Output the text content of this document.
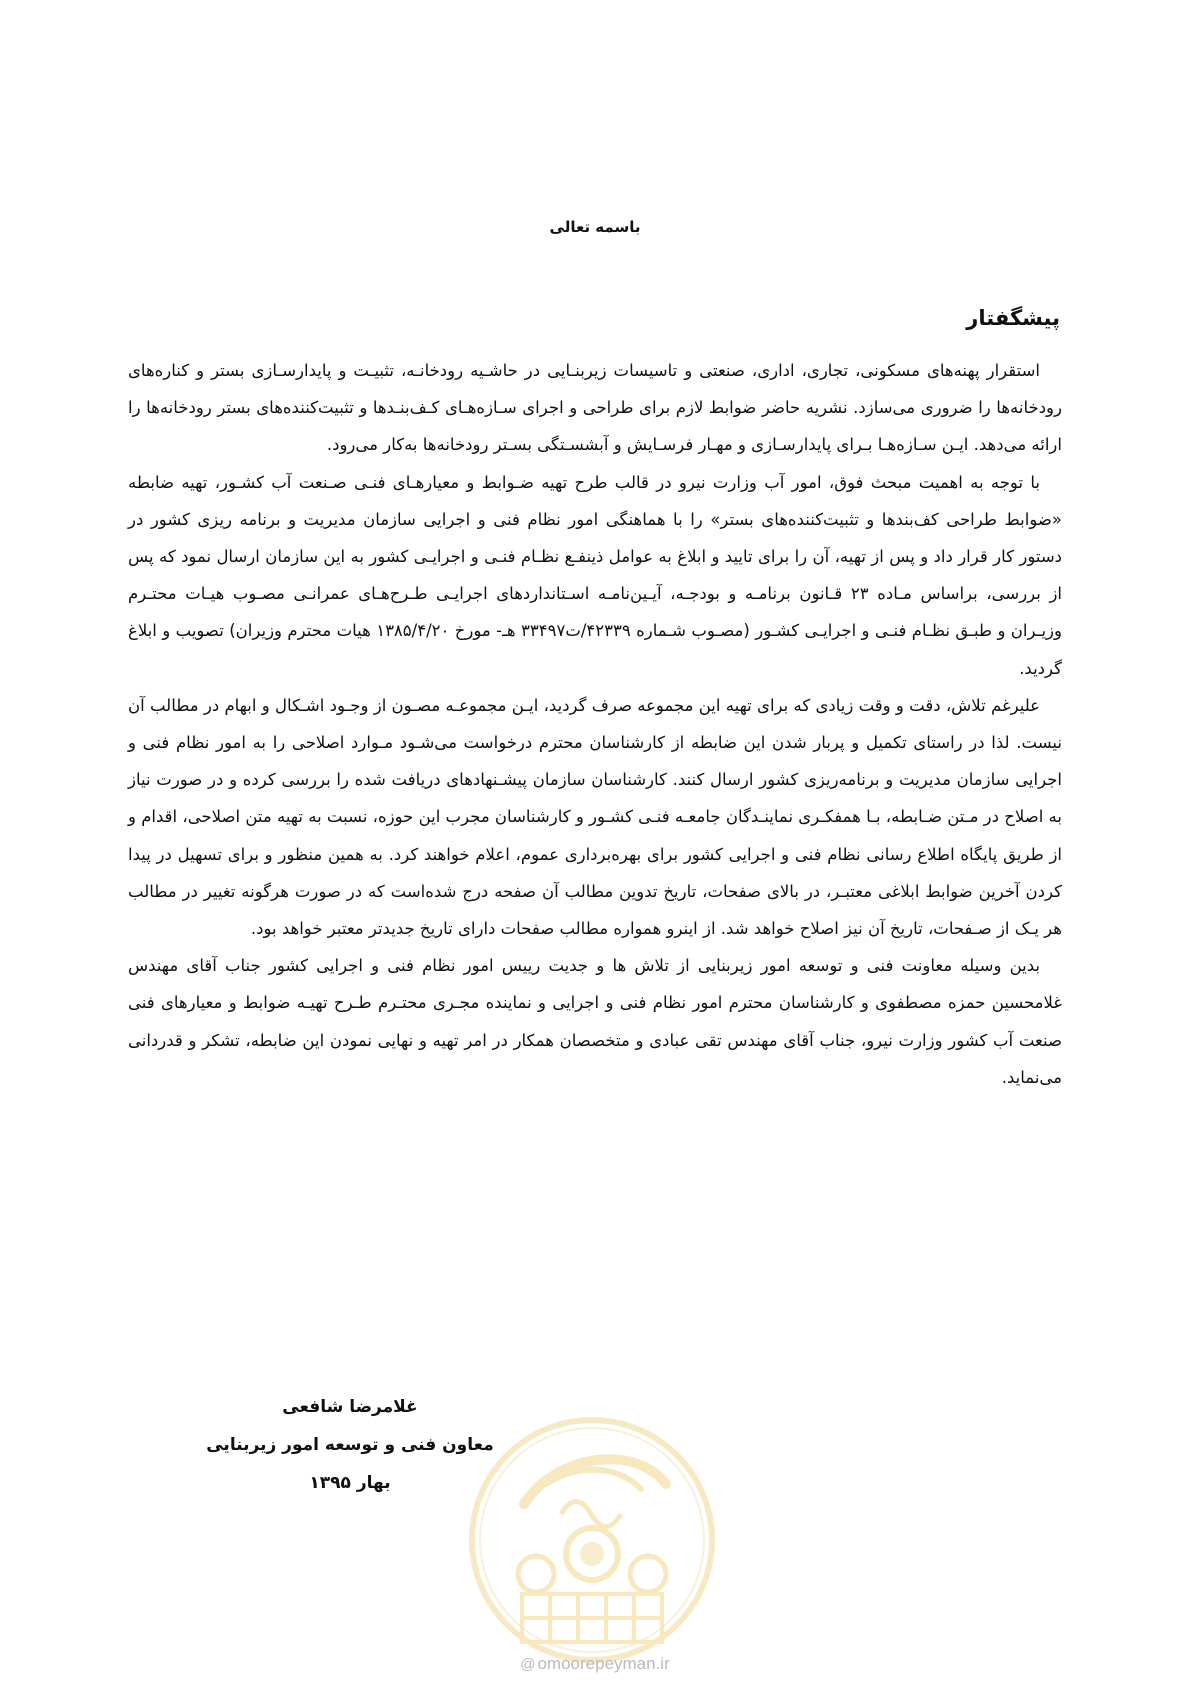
باسمه تعالی
پیشگفتار

استقرار پهنه‌های مسکونی، تجاری، اداری، صنعتی و تاسیسات زیربنـایی در حاشـیه رودخانـه، تثبیـت و پایدارسـازی بستر و کناره‌های رودخانه‌ها را ضروری می‌سازد. نشریه حاضر ضوابط لازم برای طراحی و اجرای سـازه‌هـای کـف‌بنـدها و تثبیت‌کننده‌های بستر رودخانه‌ها را ارائه می‌دهد. ایـن سـازه‌هـا بـرای پایدارسـازی و مهـار فرسـایش و آبشسـتگی بسـتر رودخانه‌ها به‌کار می‌رود.

با توجه به اهمیت مبحث فوق، امور آب وزارت نیرو در قالب طرح تهیه ضـوابط و معیارهـای فنـی صـنعت آب کشـور، تهیه ضابطه «ضوابط طراحی کف‌بندها و تثبیت‌کننده‌های بستر» را با هماهنگی امور نظام فنی و اجرایی سازمان مدیریت و برنامه ریزی کشور در دستور کار قرار داد و پس از تهیه، آن را برای تایید و ابلاغ به عوامل ذینفـع نظـام فنـی و اجرایـی کشور به این سازمان ارسال نمود که پس از بررسی، براساس مـاده ۲۳ قـانون برنامـه و بودجـه، آیـین‌نامـه اسـتانداردهای اجرایـی طـرح‌هـای عمرانـی مصـوب هیـات محتـرم وزیـران و طبـق نظـام فنـی و اجرایـی کشـور (مصـوب شـماره ۴۲۳۳۹/ت۳۳۴۹۷ هـ- مورخ ۱۳۸۵/۴/۲۰ هیات محترم وزیران) تصویب و ابلاغ گردید.

علیرغم تلاش، دقت و وقت زیادی که برای تهیه این مجموعه صرف گردید، ایـن مجموعـه مصـون از وجـود اشـکال و ابهام در مطالب آن نیست. لذا در راستای تکمیل و پربار شدن این ضابطه از کارشناسان محترم درخواست می‌شـود مـوارد اصلاحی را به امور نظام فنی و اجرایی سازمان مدیریت و برنامه‌ریزی کشور ارسال کنند. کارشناسان سازمان پیشـنهادهای دریافت شده را بررسی کرده و در صورت نیاز به اصلاح در مـتن ضـابطه، بـا همفکـری نماینـدگان جامعـه فنـی کشـور و کارشناسان مجرب این حوزه، نسبت به تهیه متن اصلاحی، اقدام و از طریق پایگاه اطلاع رسانی نظام فنی و اجرایی کشور برای بهره‌برداری عموم، اعلام خواهند کرد. به همین منظور و برای تسهیل در پیدا کردن آخرین ضوابط ابلاغی معتبـر، در بالای صفحات، تاریخ تدوین مطالب آن صفحه درج شده‌است که در صورت هرگونه تغییر در مطالب هر یـک از صـفحات، تاریخ آن نیز اصلاح خواهد شد. از اینرو همواره مطالب صفحات دارای تاریخ جدیدتر معتبر خواهد بود.

بدین وسیله معاونت فنی و توسعه امور زیربنایی از تلاش ها و جدیت رییس امور نظام فنی و اجرایی کشور جناب آقای مهندس غلامحسین حمزه مصطفوی و کارشناسان محترم امور نظام فنی و اجرایی و نماینده مجـری محتـرم طـرح تهیـه ضوابط و معیارهای فنی صنعت آب کشور وزارت نیرو، جناب آقای مهندس تقی عبادی و متخصصان همکار در امر تهیه و نهایی نمودن این ضابطه، تشکر و قدردانی می‌نماید.

غلامرضا شافعی
معاون فنی و توسعه امور زیربنایی
بهار ۱۳۹۵
@ omoorepeyman.ir
